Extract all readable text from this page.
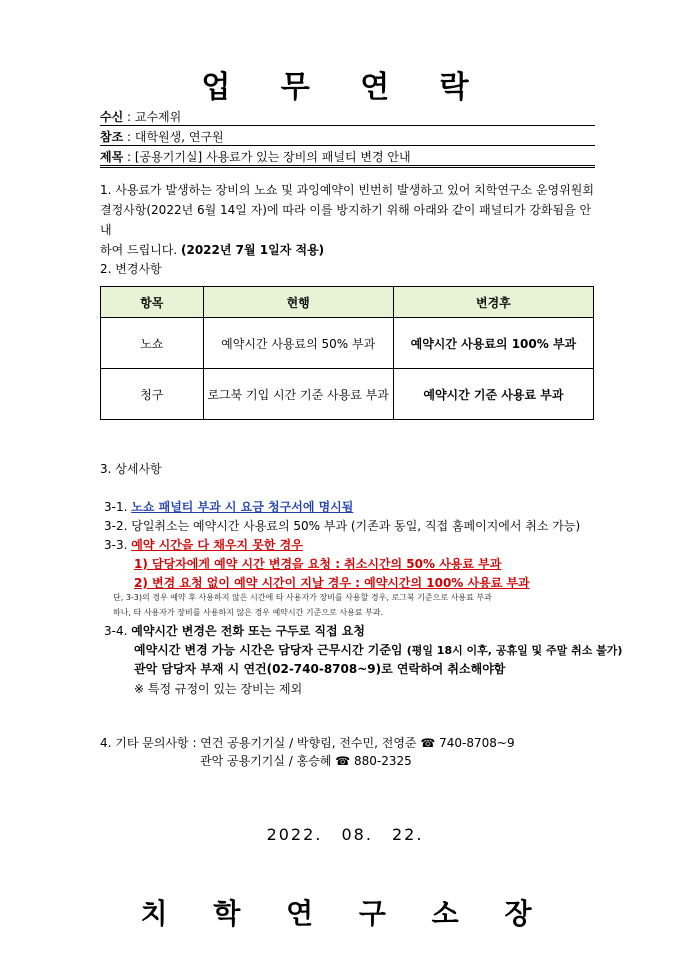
업 무 연 락
수신 : 교수제위
참조 : 대학원생, 연구원
제목 : [공용기기실] 사용료가 있는 장비의 패널티 변경 안내
1. 사용료가 발생하는 장비의 노쇼 및 과잉예약이 빈번히 발생하고 있어 치학연구소 운영위원회
결정사항(2022년 6월 14일 자)에 따라 이를 방지하기 위해 아래와 같이 패널티가 강화됨을 안내
하여 드립니다. (2022년 7월 1일자 적용)
2. 변경사항
항목	현행	변경후
노쇼	예약시간 사용료의 50% 부과	예약시간 사용료의 100% 부과
청구	로그북 기입 시간 기준 사용료 부과	예약시간 기준 사용료 부과
3. 상세사항
3-1. 노쇼 패널티 부과 시 요금 청구서에 명시됨
3-2. 당일취소는 예약시간 사용료의 50% 부과 (기존과 동일, 직접 홈페이지에서 취소 가능)
3-3. 예약 시간을 다 채우지 못한 경우
1) 담당자에게 예약 시간 변경을 요청 : 취소시간의 50% 사용료 부과
2) 변경 요청 없이 예약 시간이 지날 경우 : 예약시간의 100% 사용료 부과
단, 3-3)의 경우 예약 후 사용하지 않은 시간에 타 사용자가 장비를 사용할 경우, 로그북 기준으로 사용료 부과
하나, 타 사용자가 장비를 사용하지 않은 경우 예약시간 기준으로 사용료 부과.
3-4. 예약시간 변경은 전화 또는 구두로 직접 요청
예약시간 변경 가능 시간은 담당자 근무시간 기준임 (평일 18시 이후, 공휴일 및 주말 취소 불가)
관악 담당자 부재 시 연건(02-740-8708~9)로 연락하여 취소해야함
※ 특정 규정이 있는 장비는 제외
4. 기타 문의사항 : 연건 공용기기실 / 박향림, 전수민, 전영준 ☎ 740-8708~9
관악 공용기기실 / 홍승혜 ☎ 880-2325
2022. 08. 22.
치 학 연 구 소 장
